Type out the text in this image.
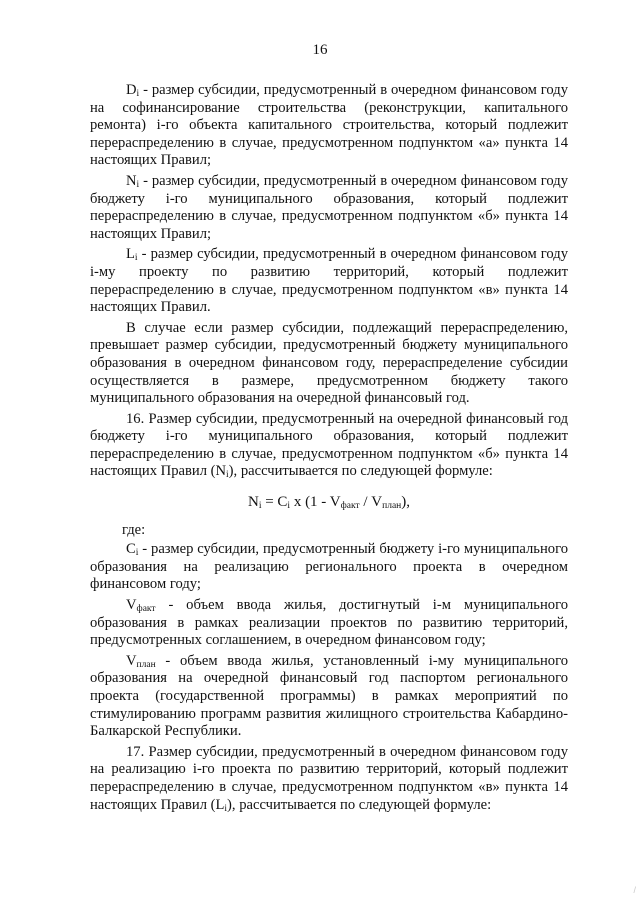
16

$D_i$ - размер субсидии, предусмотренный в очередном финансовом году на софинансирование строительства (реконструкции, капитального ремонта) i-го объекта капитального строительства, который подлежит перераспределению в случае, предусмотренном подпунктом «а» пункта 14 настоящих Правил;

$N_i$ - размер субсидии, предусмотренный в очередном финансовом году бюджету i-го муниципального образования, который подлежит перераспределению в случае, предусмотренном подпунктом «б» пункта 14 настоящих Правил;

$L_i$ - размер субсидии, предусмотренный в очередном финансовом году i-му проекту по развитию территорий, который подлежит перераспределению в случае, предусмотренном подпунктом «в» пункта 14 настоящих Правил.

В случае если размер субсидии, подлежащий перераспределению, превышает размер субсидии, предусмотренный бюджету муниципального образования в очередном финансовом году, перераспределение субсидии осуществляется в размере, предусмотренном бюджету такого муниципального образования на очередной финансовый год.

16. Размер субсидии, предусмотренный на очередной финансовый год бюджету i-го муниципального образования, который подлежит перераспределению в случае, предусмотренном подпунктом «б» пункта 14 настоящих Правил $(N_i)$, рассчитывается по следующей формуле:

$N_i = C_i$ x $(1 - V_{факт} / V_{план})$,

где:

$C_i$ - размер субсидии, предусмотренный бюджету i-го муниципального образования на реализацию регионального проекта в очередном финансовом году;

$V_{факт}$ - объем ввода жилья, достигнутый i-м муниципального образования в рамках реализации проектов по развитию территорий, предусмотренных соглашением, в очередном финансовом году;

$V_{план}$ - объем ввода жилья, установленный i-му муниципального образования на очередной финансовый год паспортом регионального проекта (государственной программы) в рамках мероприятий по стимулированию программ развития жилищного строительства Кабардино-Балкарской Республики.

17. Размер субсидии, предусмотренный в очередном финансовом году на реализацию i-го проекта по развитию территорий, который подлежит перераспределению в случае, предусмотренном подпунктом «в» пункта 14 настоящих Правил $(L_i)$, рассчитывается по следующей формуле:

/
